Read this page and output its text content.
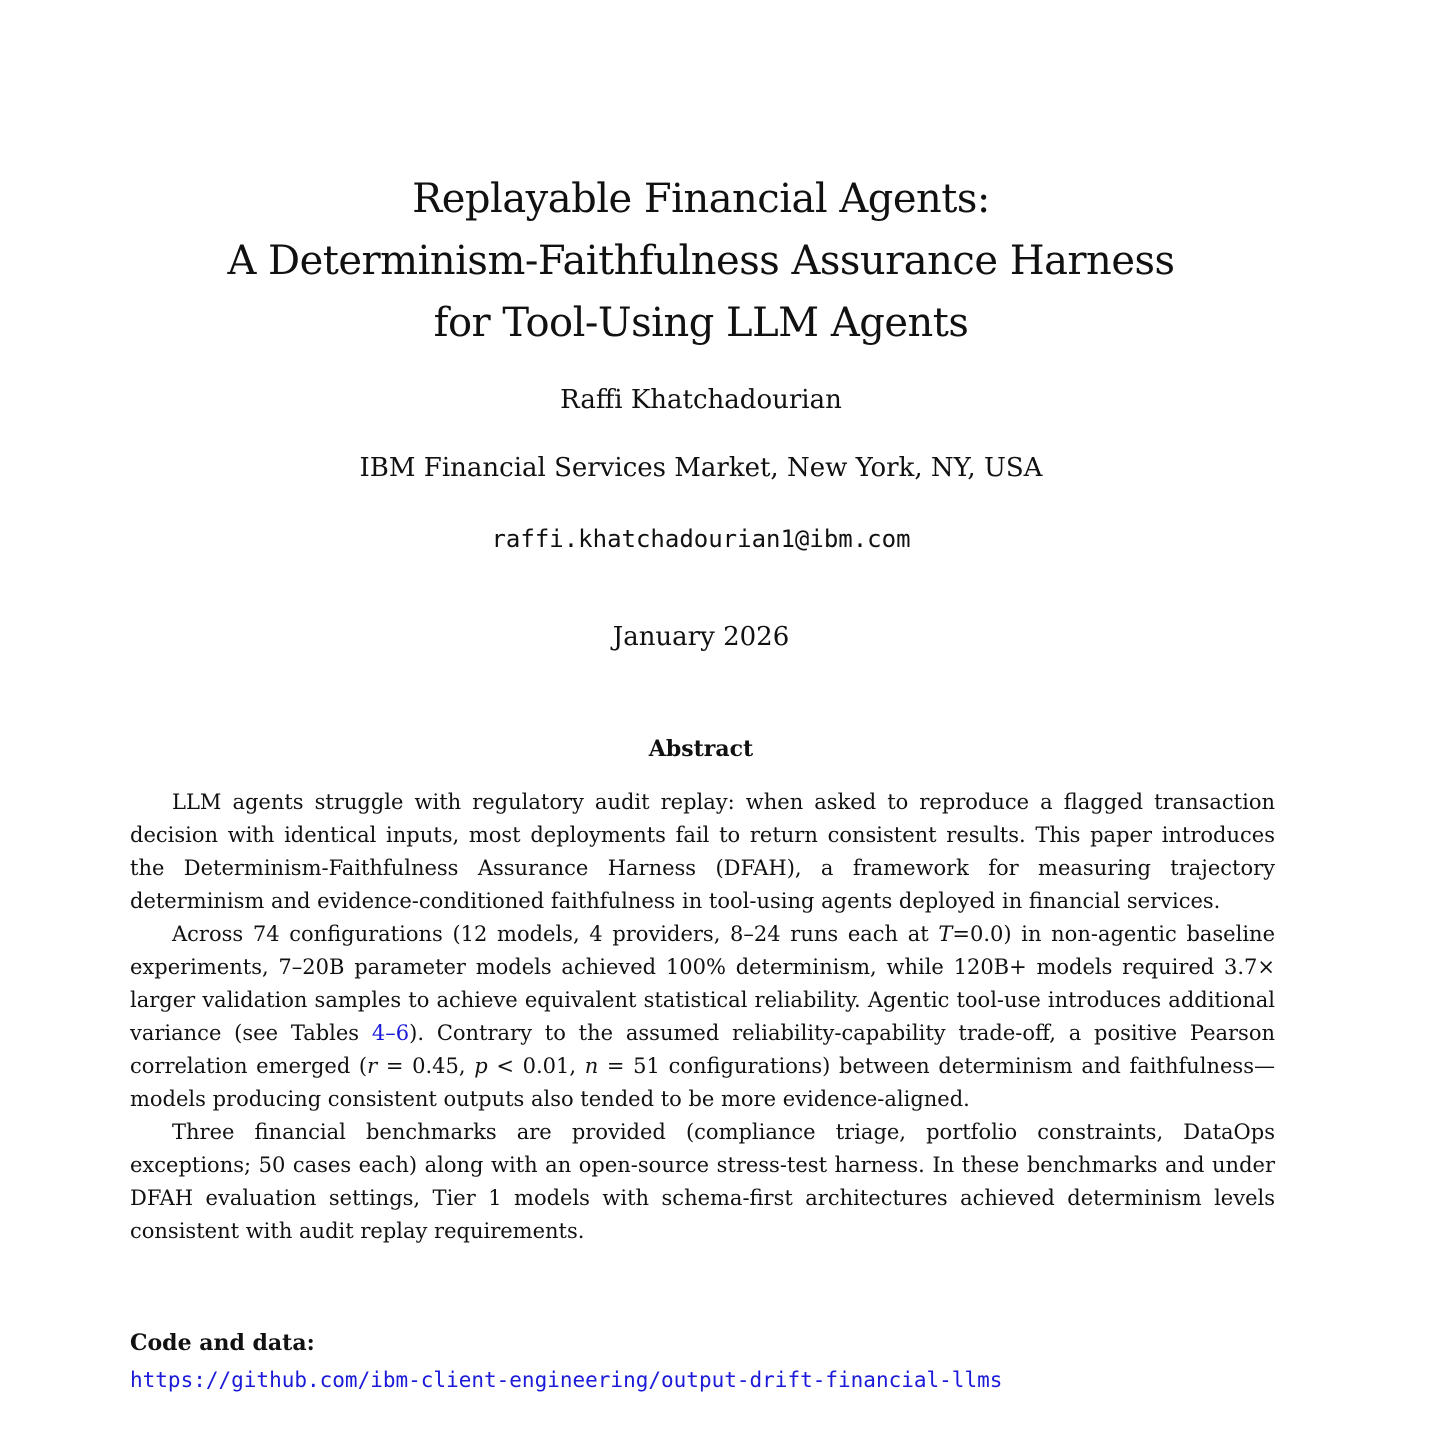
Replayable Financial Agents:
A Determinism-Faithfulness Assurance Harness
for Tool-Using LLM Agents
Raffi Khatchadourian
IBM Financial Services Market, New York, NY, USA
raffi.khatchadourian1@ibm.com
January 2026
Abstract

LLM agents struggle with regulatory audit replay: when asked to reproduce a flagged transaction decision with identical inputs, most deployments fail to return consistent results. This paper introduces the Determinism-Faithfulness Assurance Harness (DFAH), a framework for measuring trajectory determinism and evidence-conditioned faithfulness in tool-using agents deployed in financial services.

Across 74 configurations (12 models, 4 providers, 8–24 runs each at T=0.0) in non-agentic baseline experiments, 7–20B parameter models achieved 100% determinism, while 120B+ models required 3.7× larger validation samples to achieve equivalent statistical reliability. Agentic tool-use introduces additional variance (see Tables 4–6). Contrary to the assumed reliability-capability trade-off, a positive Pearson correlation emerged (r = 0.45, p < 0.01, n = 51 configurations) between determinism and faithfulness—models producing consistent outputs also tended to be more evidence-aligned.

Three financial benchmarks are provided (compliance triage, portfolio constraints, DataOps exceptions; 50 cases each) along with an open-source stress-test harness. In these benchmarks and under DFAH evaluation settings, Tier 1 models with schema-first architectures achieved determinism levels consistent with audit replay requirements.

Code and data:
https://github.com/ibm-client-engineering/output-drift-financial-llms
